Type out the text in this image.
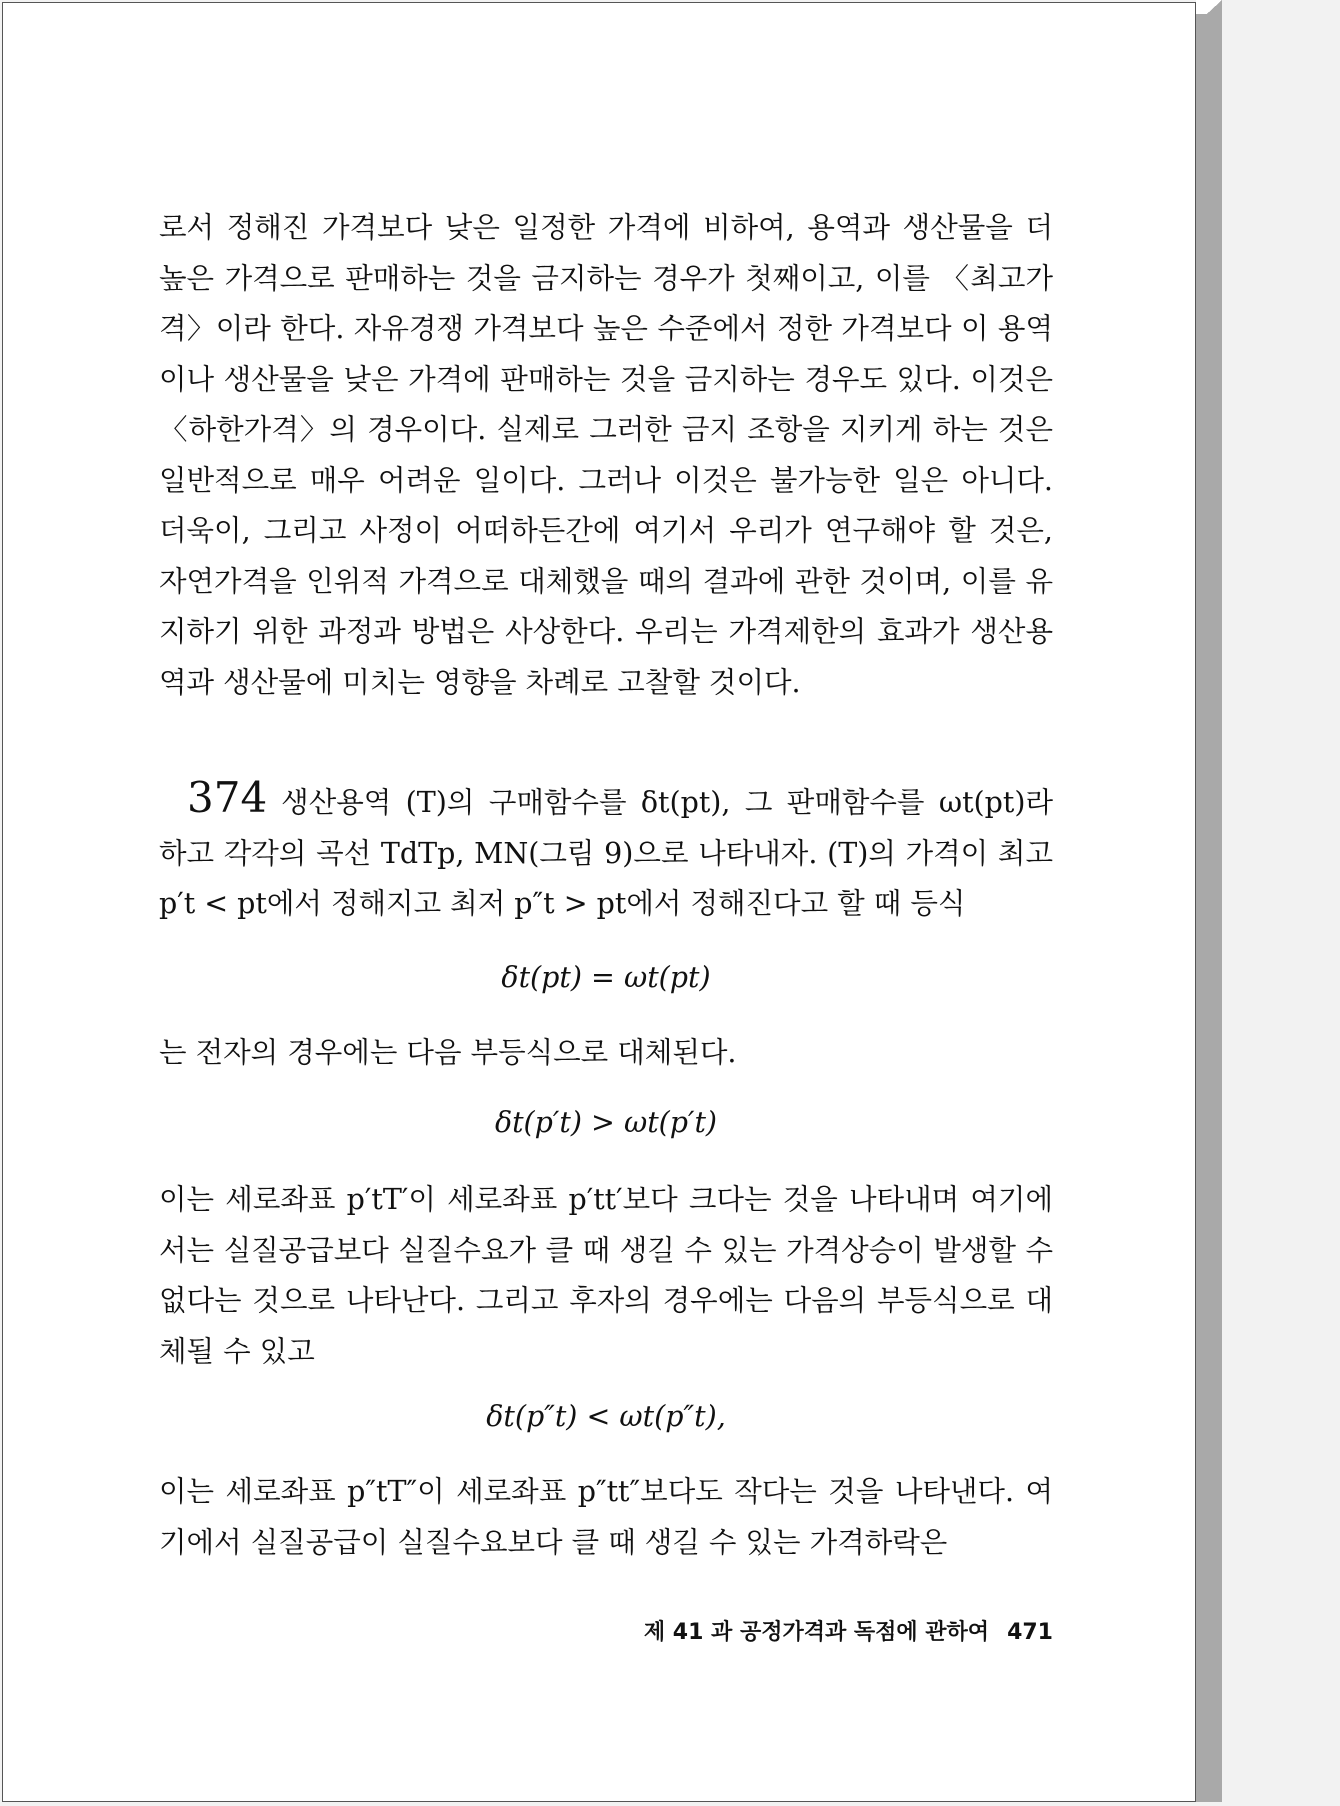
로서 정해진 가격보다 낮은 일정한 가격에 비하여, 용역과 생산물을 더 높은 가격으로 판매하는 것을 금지하는 경우가 첫째이고, 이를 〈최고가격〉이라 한다. 자유경쟁 가격보다 높은 수준에서 정한 가격보다 이 용역이나 생산물을 낮은 가격에 판매하는 것을 금지하는 경우도 있다. 이것은 〈하한가격〉의 경우이다. 실제로 그러한 금지 조항을 지키게 하는 것은 일반적으로 매우 어려운 일이다. 그러나 이것은 불가능한 일은 아니다. 더욱이, 그리고 사정이 어떠하든간에 여기서 우리가 연구해야 할 것은, 자연가격을 인위적 가격으로 대체했을 때의 결과에 관한 것이며, 이를 유지하기 위한 과정과 방법은 사상한다. 우리는 가격제한의 효과가 생산용역과 생산물에 미치는 영향을 차례로 고찰할 것이다.
374 생산용역 (T)의 구매함수를 δt(pt), 그 판매함수를 ωt(pt)라 하고 각각의 곡선 TdTp, MN(그림 9)으로 나타내자. (T)의 가격이 최고 p′t < pt에서 정해지고 최저 p″t > pt에서 정해진다고 할 때 등식
δt(pt) = ωt(pt)
는 전자의 경우에는 다음 부등식으로 대체된다.
δt(p′t) > ωt(p′t)
이는 세로좌표 p′tT′이 세로좌표 p′tt′보다 크다는 것을 나타내며 여기에서는 실질공급보다 실질수요가 클 때 생길 수 있는 가격상승이 발생할 수 없다는 것으로 나타난다. 그리고 후자의 경우에는 다음의 부등식으로 대체될 수 있고
δt(p″t) < ωt(p″t),
이는 세로좌표 p″tT″이 세로좌표 p″tt″보다도 작다는 것을 나타낸다. 여기에서 실질공급이 실질수요보다 클 때 생길 수 있는 가격하락은
제 41 과 공정가격과 독점에 관하여 471
